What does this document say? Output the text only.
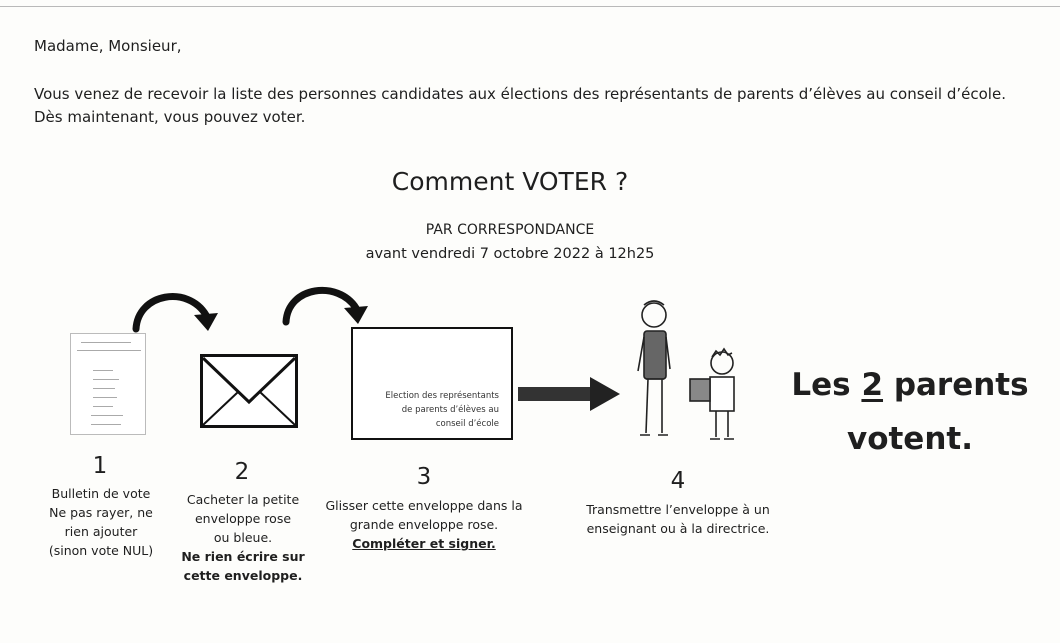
Madame, Monsieur,
Vous venez de recevoir la liste des personnes candidates aux élections des représentants de parents d’élèves au conseil d’école. Dès maintenant, vous pouvez voter.
Comment VOTER ?
PAR CORRESPONDANCE
avant vendredi 7 octobre 2022 à 12h25
Election des représentants
de parents d’élèves au
conseil d’école
1
Bulletin de vote
Ne pas rayer, ne
rien ajouter
(sinon vote NUL)
2
Cacheter la petite
enveloppe rose
ou bleue.
Ne rien écrire sur
cette enveloppe.
3
Glisser cette enveloppe dans la
grande enveloppe rose.
Compléter et signer.
4
Transmettre l’enveloppe à un
enseignant ou à la directrice.
Les 2 parents
votent.
